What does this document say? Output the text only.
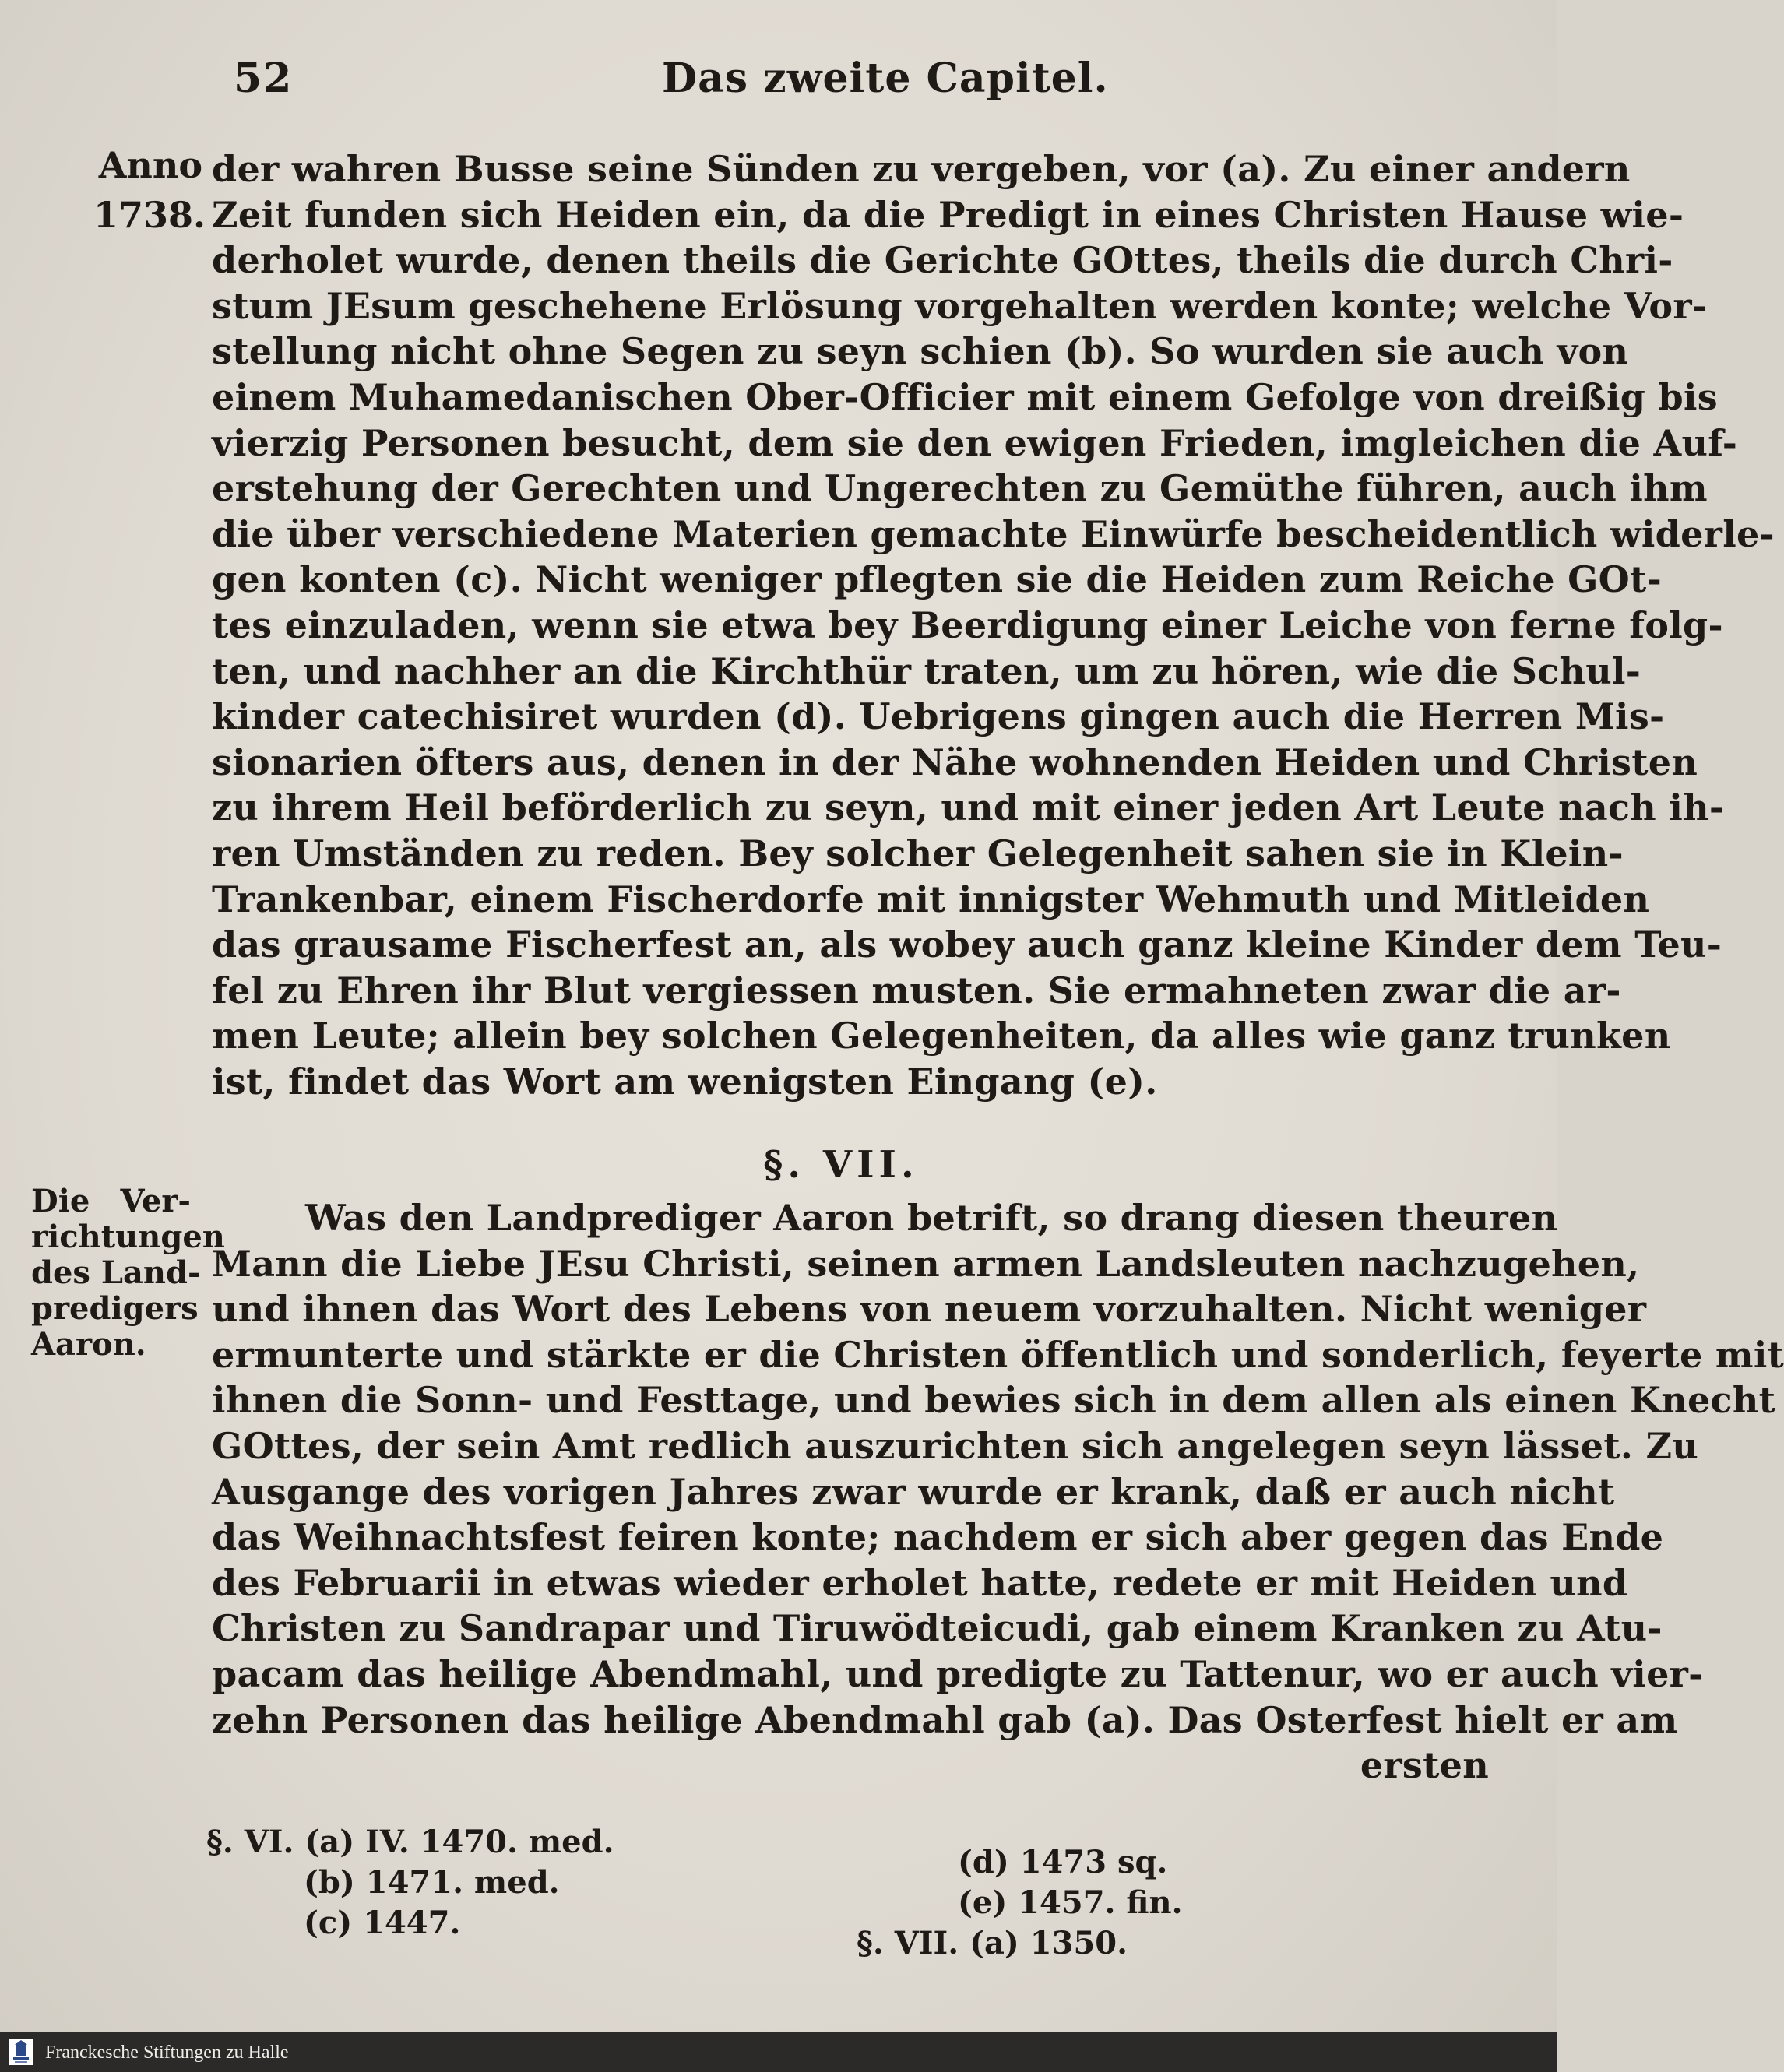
52	Das zweite Capitel.
Anno
1738.
der wahren Busse seine Sünden zu vergeben, vor (a). Zu einer andern
Zeit funden sich Heiden ein, da die Predigt in eines Christen Hause wie-
derholet wurde, denen theils die Gerichte GOttes, theils die durch Chri-
stum JEsum geschehene Erlösung vorgehalten werden konte; welche Vor-
stellung nicht ohne Segen zu seyn schien (b). So wurden sie auch von
einem Muhamedanischen Ober-Officier mit einem Gefolge von dreißig bis
vierzig Personen besucht, dem sie den ewigen Frieden, imgleichen die Auf-
erstehung der Gerechten und Ungerechten zu Gemüthe führen, auch ihm
die über verschiedene Materien gemachte Einwürfe bescheidentlich widerle-
gen konten (c). Nicht weniger pflegten sie die Heiden zum Reiche GOt-
tes einzuladen, wenn sie etwa bey Beerdigung einer Leiche von ferne folg-
ten, und nachher an die Kirchthür traten, um zu hören, wie die Schul-
kinder catechisiret wurden (d). Uebrigens gingen auch die Herren Mis-
sionarien öfters aus, denen in der Nähe wohnenden Heiden und Christen
zu ihrem Heil beförderlich zu seyn, und mit einer jeden Art Leute nach ih-
ren Umständen zu reden. Bey solcher Gelegenheit sahen sie in Klein-
Trankenbar, einem Fischerdorfe mit innigster Wehmuth und Mitleiden
das grausame Fischerfest an, als wobey auch ganz kleine Kinder dem Teu-
fel zu Ehren ihr Blut vergiessen musten. Sie ermahneten zwar die ar-
men Leute; allein bey solchen Gelegenheiten, da alles wie ganz trunken
ist, findet das Wort am wenigsten Eingang (e).
§. VII.
Die Ver-
richtungen
des Land-
predigers
Aaron.
Was den Landprediger Aaron betrift, so drang diesen theuren
Mann die Liebe JEsu Christi, seinen armen Landsleuten nachzugehen,
und ihnen das Wort des Lebens von neuem vorzuhalten. Nicht weniger
ermunterte und stärkte er die Christen öffentlich und sonderlich, feyerte mit
ihnen die Sonn- und Festtage, und bewies sich in dem allen als einen Knecht
GOttes, der sein Amt redlich auszurichten sich angelegen seyn lässet. Zu
Ausgange des vorigen Jahres zwar wurde er krank, daß er auch nicht
das Weihnachtsfest feiren konte; nachdem er sich aber gegen das Ende
des Februarii in etwas wieder erholet hatte, redete er mit Heiden und
Christen zu Sandrapar und Tiruwödteicudi, gab einem Kranken zu Atu-
pacam das heilige Abendmahl, und predigte zu Tattenur, wo er auch vier-
zehn Personen das heilige Abendmahl gab (a). Das Osterfest hielt er am
ersten
§. VI. (a) IV. 1470. med.
(b) 1471. med.
(c) 1447.
(d) 1473 sq.
(e) 1457. fin.
§. VII. (a) 1350.
Franckesche Stiftungen zu Halle
